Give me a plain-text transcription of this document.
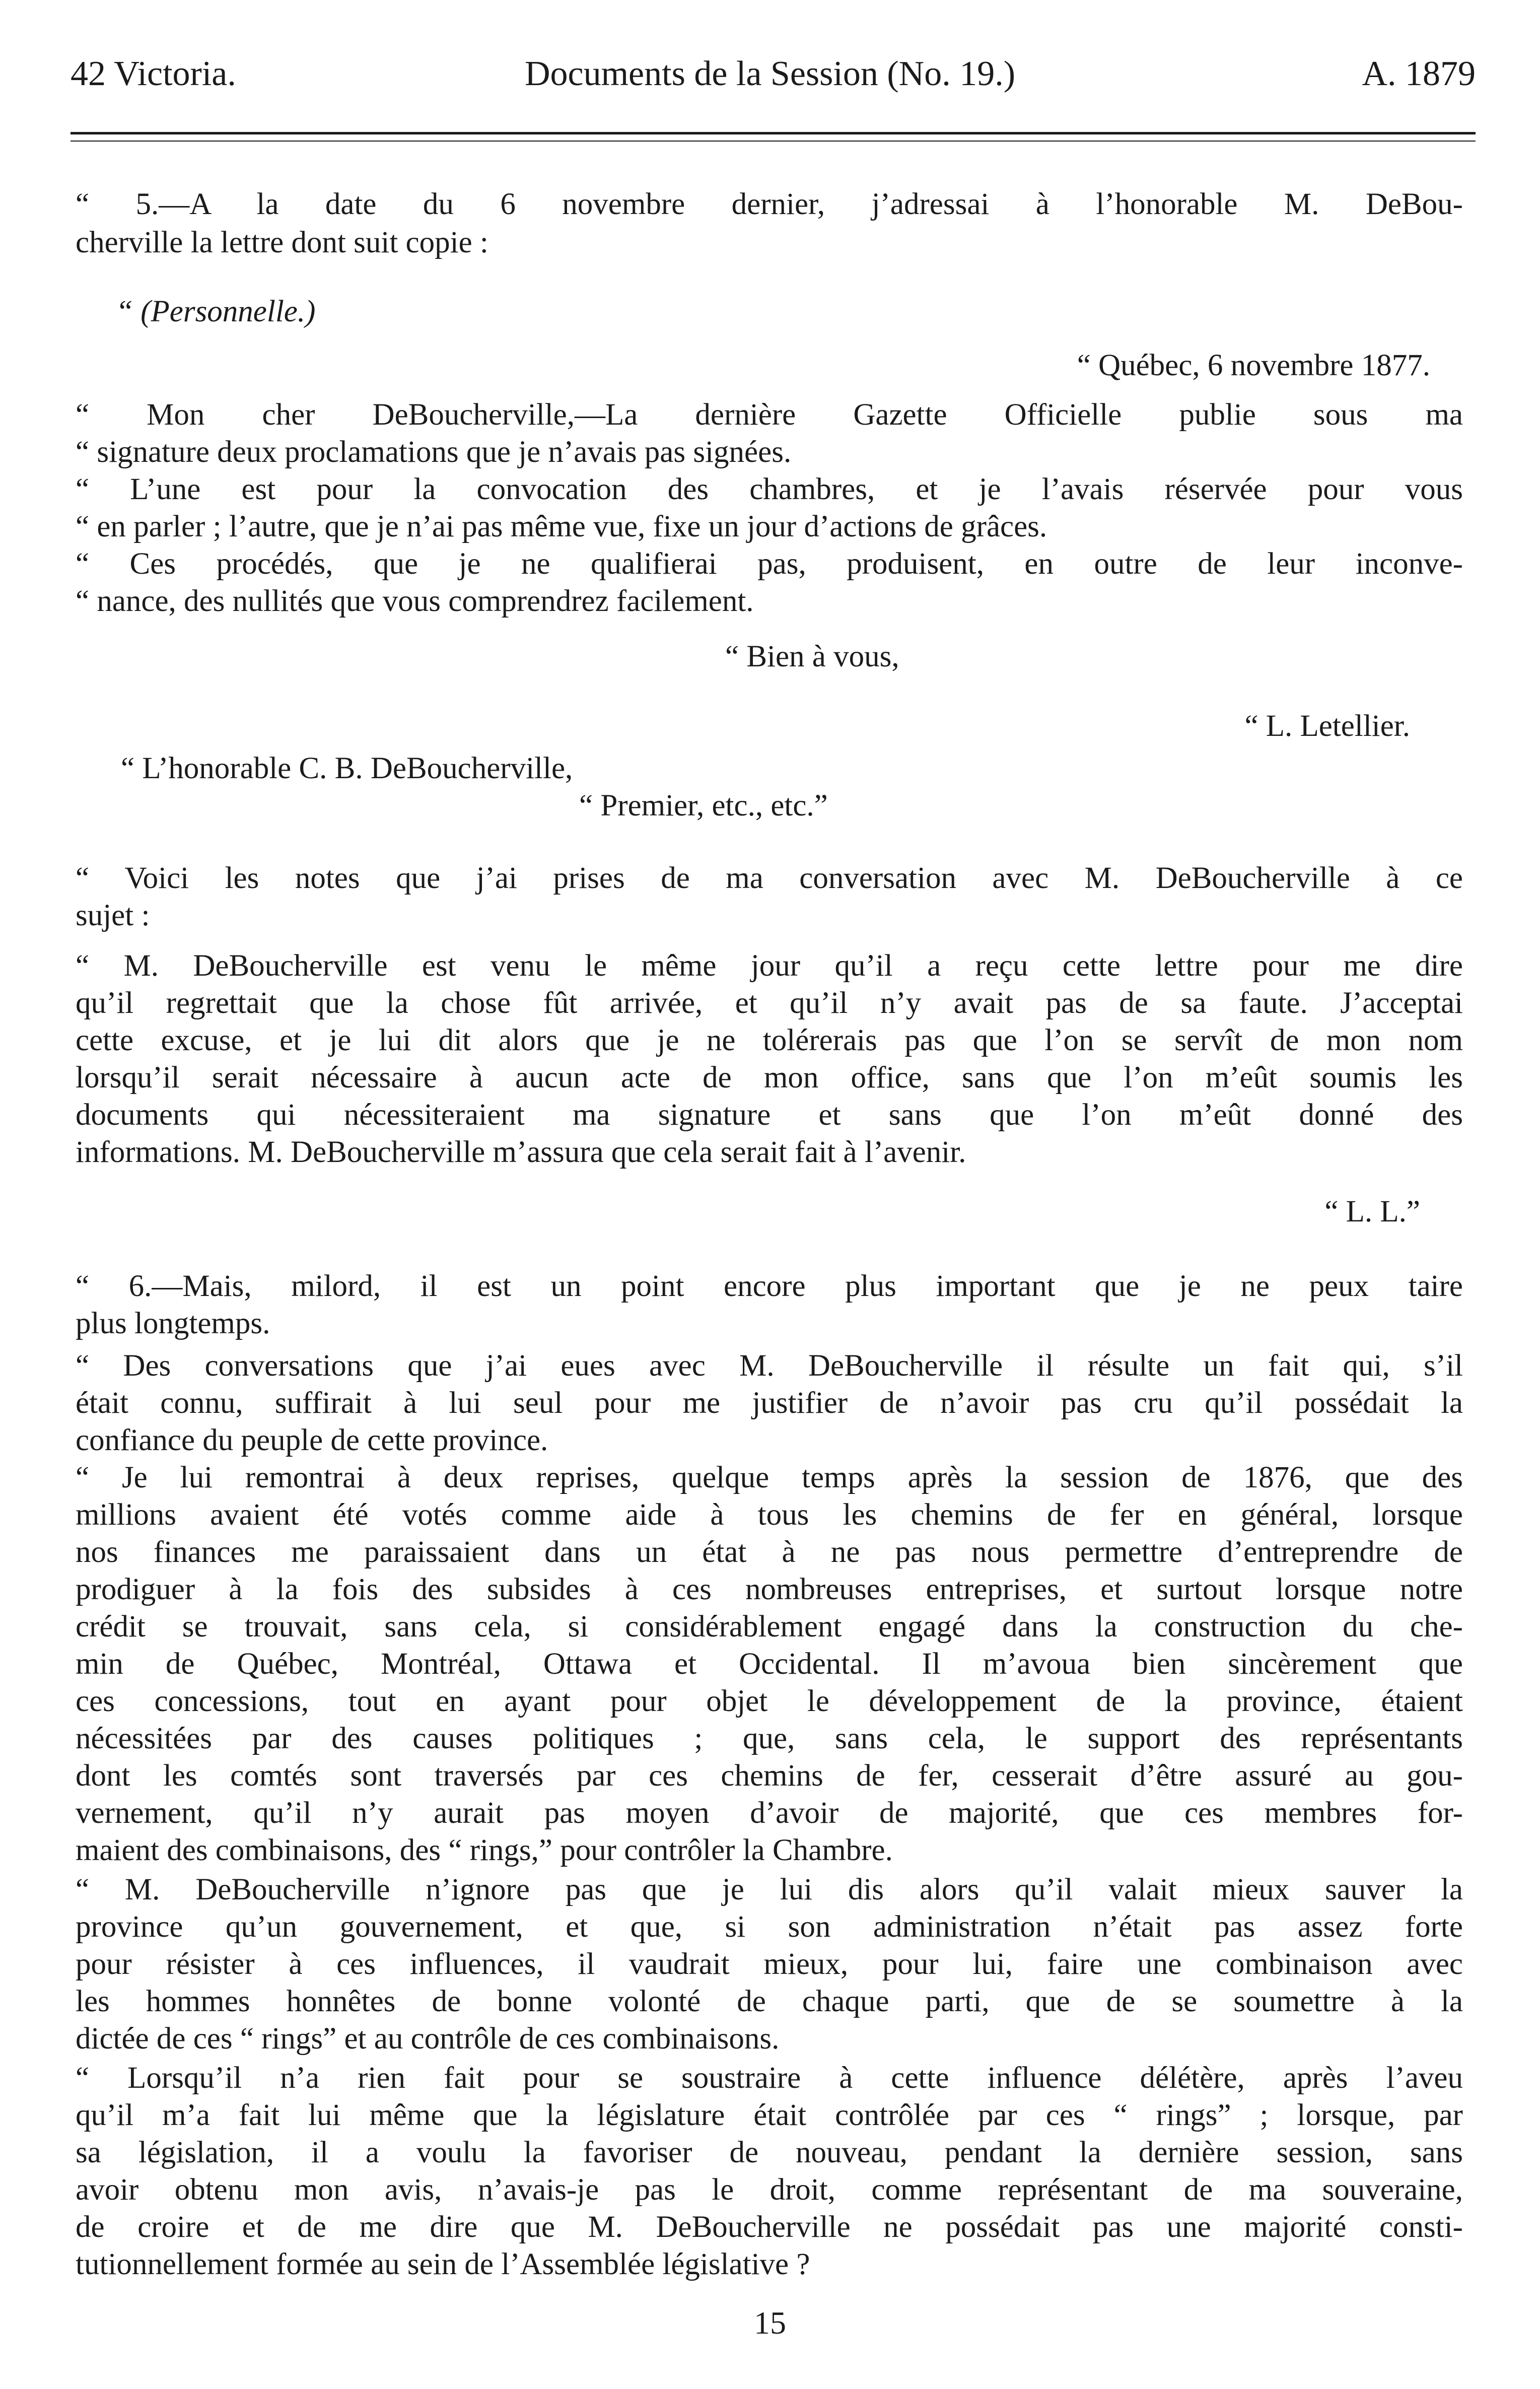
42 Victoria.	Documents de la Session (No. 19.)	A. 1879
“ 5.—A la date du 6 novembre dernier, j’adressai à l’honorable M. DeBou-
cherville la lettre dont suit copie :
“ (Personnelle.)
“ Québec, 6 novembre 1877.
“ Mon cher DeBoucherville,—La dernière Gazette Officielle publie sous ma
“ signature deux proclamations que je n’avais pas signées.
“ L’une est pour la convocation des chambres, et je l’avais réservée pour vous
“ en parler ; l’autre, que je n’ai pas même vue, fixe un jour d’actions de grâces.
“ Ces procédés, que je ne qualifierai pas, produisent, en outre de leur inconve-
“ nance, des nullités que vous comprendrez facilement.
“ Bien à vous,
“ L. Letellier.
“ L’honorable C. B. DeBoucherville,
“ Premier, etc., etc.”
“ Voici les notes que j’ai prises de ma conversation avec M. DeBoucherville à ce
sujet :
“ M. DeBoucherville est venu le même jour qu’il a reçu cette lettre pour me dire
qu’il regrettait que la chose fût arrivée, et qu’il n’y avait pas de sa faute. J’acceptai
cette excuse, et je lui dit alors que je ne tolérerais pas que l’on se servît de mon nom
lorsqu’il serait nécessaire à aucun acte de mon office, sans que l’on m’eût soumis les
documents qui nécessiteraient ma signature et sans que l’on m’eût donné des
informations. M. DeBoucherville m’assura que cela serait fait à l’avenir.
“ L. L.”
“ 6.—Mais, milord, il est un point encore plus important que je ne peux taire
plus longtemps.
“ Des conversations que j’ai eues avec M. DeBoucherville il résulte un fait qui, s’il
était connu, suffirait à lui seul pour me justifier de n’avoir pas cru qu’il possédait la
confiance du peuple de cette province.
“ Je lui remontrai à deux reprises, quelque temps après la session de 1876, que des
millions avaient été votés comme aide à tous les chemins de fer en général, lorsque
nos finances me paraissaient dans un état à ne pas nous permettre d’entreprendre de
prodiguer à la fois des subsides à ces nombreuses entreprises, et surtout lorsque notre
crédit se trouvait, sans cela, si considérablement engagé dans la construction du che-
min de Québec, Montréal, Ottawa et Occidental. Il m’avoua bien sincèrement que
ces concessions, tout en ayant pour objet le développement de la province, étaient
nécessitées par des causes politiques ; que, sans cela, le support des représentants
dont les comtés sont traversés par ces chemins de fer, cesserait d’être assuré au gou-
vernement, qu’il n’y aurait pas moyen d’avoir de majorité, que ces membres for-
maient des combinaisons, des “ rings,” pour contrôler la Chambre.
“ M. DeBoucherville n’ignore pas que je lui dis alors qu’il valait mieux sauver la
province qu’un gouvernement, et que, si son administration n’était pas assez forte
pour résister à ces influences, il vaudrait mieux, pour lui, faire une combinaison avec
les hommes honnêtes de bonne volonté de chaque parti, que de se soumettre à la
dictée de ces “ rings” et au contrôle de ces combinaisons.
“ Lorsqu’il n’a rien fait pour se soustraire à cette influence délétère, après l’aveu
qu’il m’a fait lui même que la législature était contrôlée par ces “ rings” ; lorsque, par
sa législation, il a voulu la favoriser de nouveau, pendant la dernière session, sans
avoir obtenu mon avis, n’avais-je pas le droit, comme représentant de ma souveraine,
de croire et de me dire que M. DeBoucherville ne possédait pas une majorité consti-
tutionnellement formée au sein de l’Assemblée législative ?
15
